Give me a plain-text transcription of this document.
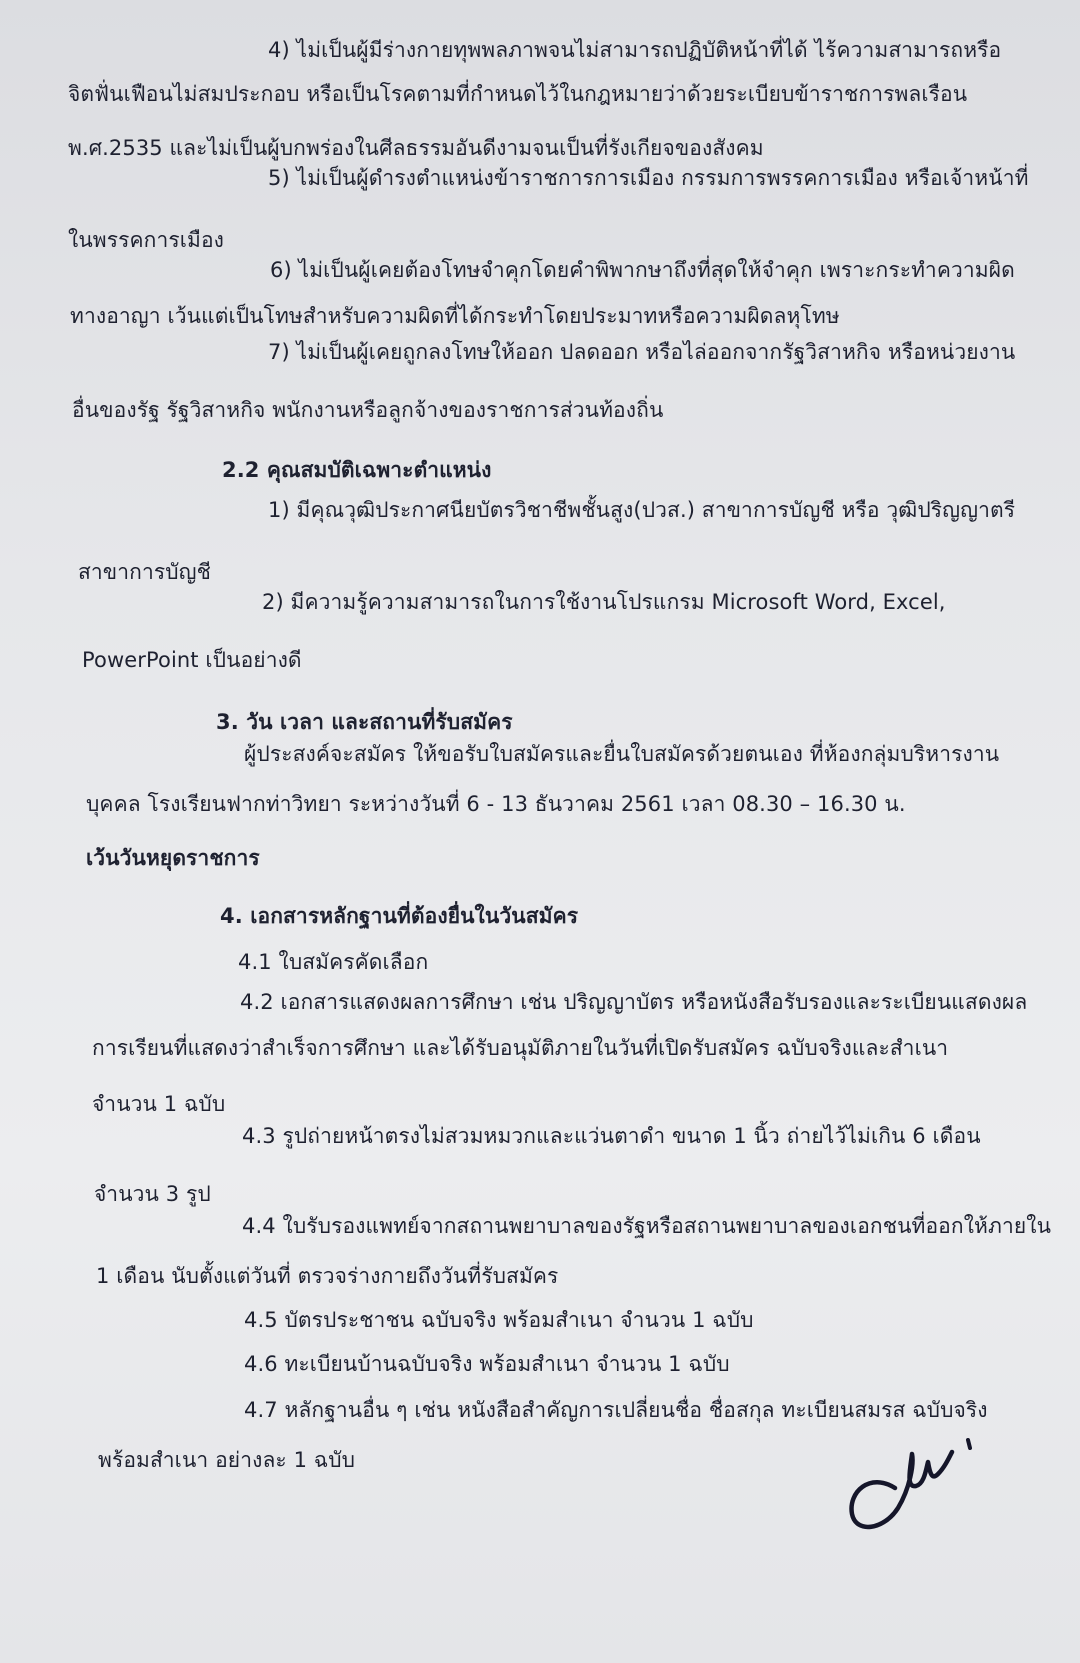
4) ไม่เป็นผู้มีร่างกายทุพพลภาพจนไม่สามารถปฏิบัติหน้าที่ได้ ไร้ความสามารถหรือ
จิตฟั่นเฟือนไม่สมประกอบ หรือเป็นโรคตามที่กำหนดไว้ในกฎหมายว่าด้วยระเบียบข้าราชการพลเรือน
พ.ศ.2535 และไม่เป็นผู้บกพร่องในศีลธรรมอันดีงามจนเป็นที่รังเกียจของสังคม
5) ไม่เป็นผู้ดำรงตำแหน่งข้าราชการการเมือง กรรมการพรรคการเมือง หรือเจ้าหน้าที่
ในพรรคการเมือง
6) ไม่เป็นผู้เคยต้องโทษจำคุกโดยคำพิพากษาถึงที่สุดให้จำคุก เพราะกระทำความผิด
ทางอาญา เว้นแต่เป็นโทษสำหรับความผิดที่ได้กระทำโดยประมาทหรือความผิดลหุโทษ
7) ไม่เป็นผู้เคยถูกลงโทษให้ออก ปลดออก หรือไล่ออกจากรัฐวิสาหกิจ หรือหน่วยงาน
อื่นของรัฐ รัฐวิสาหกิจ พนักงานหรือลูกจ้างของราชการส่วนท้องถิ่น
2.2 คุณสมบัติเฉพาะตำแหน่ง
1) มีคุณวุฒิประกาศนียบัตรวิชาชีพชั้นสูง(ปวส.) สาขาการบัญชี หรือ วุฒิปริญญาตรี
สาขาการบัญชี
2) มีความรู้ความสามารถในการใช้งานโปรแกรม Microsoft Word, Excel,
PowerPoint เป็นอย่างดี
3. วัน เวลา และสถานที่รับสมัคร
ผู้ประสงค์จะสมัคร ให้ขอรับใบสมัครและยื่นใบสมัครด้วยตนเอง ที่ห้องกลุ่มบริหารงาน
บุคคล โรงเรียนฟากท่าวิทยา ระหว่างวันที่ 6 - 13 ธันวาคม 2561 เวลา 08.30 – 16.30 น.
เว้นวันหยุดราชการ
4. เอกสารหลักฐานที่ต้องยื่นในวันสมัคร
4.1 ใบสมัครคัดเลือก
4.2 เอกสารแสดงผลการศึกษา เช่น ปริญญาบัตร หรือหนังสือรับรองและระเบียนแสดงผล
การเรียนที่แสดงว่าสำเร็จการศึกษา และได้รับอนุมัติภายในวันที่เปิดรับสมัคร ฉบับจริงและสำเนา
จำนวน 1 ฉบับ
4.3 รูปถ่ายหน้าตรงไม่สวมหมวกและแว่นตาดำ ขนาด 1 นิ้ว ถ่ายไว้ไม่เกิน 6 เดือน
จำนวน 3 รูป
4.4 ใบรับรองแพทย์จากสถานพยาบาลของรัฐหรือสถานพยาบาลของเอกชนที่ออกให้ภายใน
1 เดือน นับตั้งแต่วันที่ ตรวจร่างกายถึงวันที่รับสมัคร
4.5 บัตรประชาชน ฉบับจริง พร้อมสำเนา จำนวน 1 ฉบับ
4.6 ทะเบียนบ้านฉบับจริง พร้อมสำเนา จำนวน 1 ฉบับ
4.7 หลักฐานอื่น ๆ เช่น หนังสือสำคัญการเปลี่ยนชื่อ ชื่อสกุล ทะเบียนสมรส ฉบับจริง
พร้อมสำเนา อย่างละ 1 ฉบับ
